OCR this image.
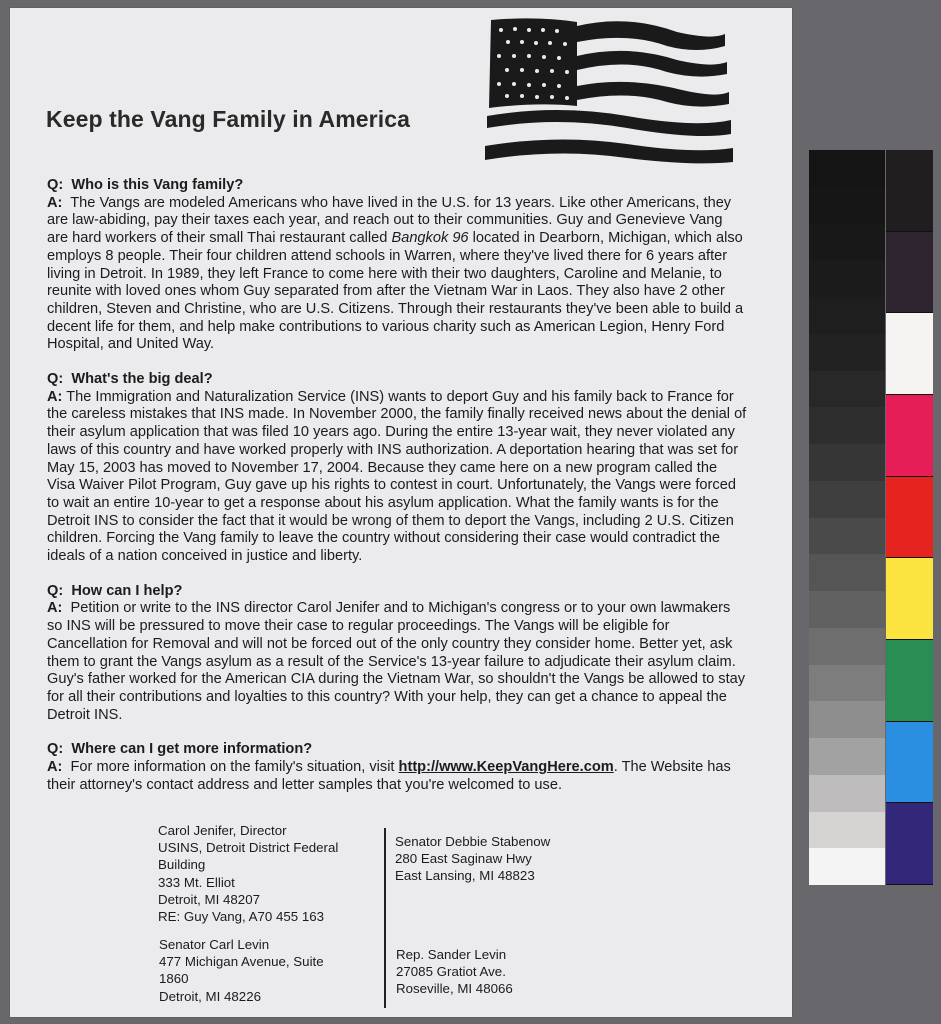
Keep the Vang Family in America
Q: Who is this Vang family?
A: The Vangs are modeled Americans who have lived in the U.S. for 13 years. Like other Americans, they are law-abiding, pay their taxes each year, and reach out to their communities. Guy and Genevieve Vang are hard workers of their small Thai restaurant called Bangkok 96 located in Dearborn, Michigan, which also employs 8 people. Their four children attend schools in Warren, where they've lived there for 6 years after living in Detroit. In 1989, they left France to come here with their two daughters, Caroline and Melanie, to reunite with loved ones whom Guy separated from after the Vietnam War in Laos. They also have 2 other children, Steven and Christine, who are U.S. Citizens. Through their restaurants they've been able to build a decent life for them, and help make contributions to various charity such as American Legion, Henry Ford Hospital, and United Way.
Q: What's the big deal?
A: The Immigration and Naturalization Service (INS) wants to deport Guy and his family back to France for the careless mistakes that INS made. In November 2000, the family finally received news about the denial of their asylum application that was filed 10 years ago. During the entire 13-year wait, they never violated any laws of this country and have worked properly with INS authorization. A deportation hearing that was set for May 15, 2003 has moved to November 17, 2004. Because they came here on a new program called the Visa Waiver Pilot Program, Guy gave up his rights to contest in court. Unfortunately, the Vangs were forced to wait an entire 10-year to get a response about his asylum application. What the family wants is for the Detroit INS to consider the fact that it would be wrong of them to deport the Vangs, including 2 U.S. Citizen children. Forcing the Vang family to leave the country without considering their case would contradict the ideals of a nation conceived in justice and liberty.
Q: How can I help?
A: Petition or write to the INS director Carol Jenifer and to Michigan's congress or to your own lawmakers so INS will be pressured to move their case to regular proceedings. The Vangs will be eligible for Cancellation for Removal and will not be forced out of the only country they consider home. Better yet, ask them to grant the Vangs asylum as a result of the Service's 13-year failure to adjudicate their asylum claim. Guy's father worked for the American CIA during the Vietnam War, so shouldn't the Vangs be allowed to stay for all their contributions and loyalties to this country? With your help, they can get a chance to appeal the Detroit INS.
Q: Where can I get more information?
A: For more information on the family's situation, visit http://www.KeepVangHere.com. The Website has their attorney's contact address and letter samples that you're welcomed to use.
Carol Jenifer, Director
USINS, Detroit District Federal
Building
333 Mt. Elliot
Detroit, MI 48207
RE: Guy Vang, A70 455 163
Senator Debbie Stabenow
280 East Saginaw Hwy
East Lansing, MI 48823
Senator Carl Levin
477 Michigan Avenue, Suite
1860
Detroit, MI 48226
Rep. Sander Levin
27085 Gratiot Ave.
Roseville, MI 48066
